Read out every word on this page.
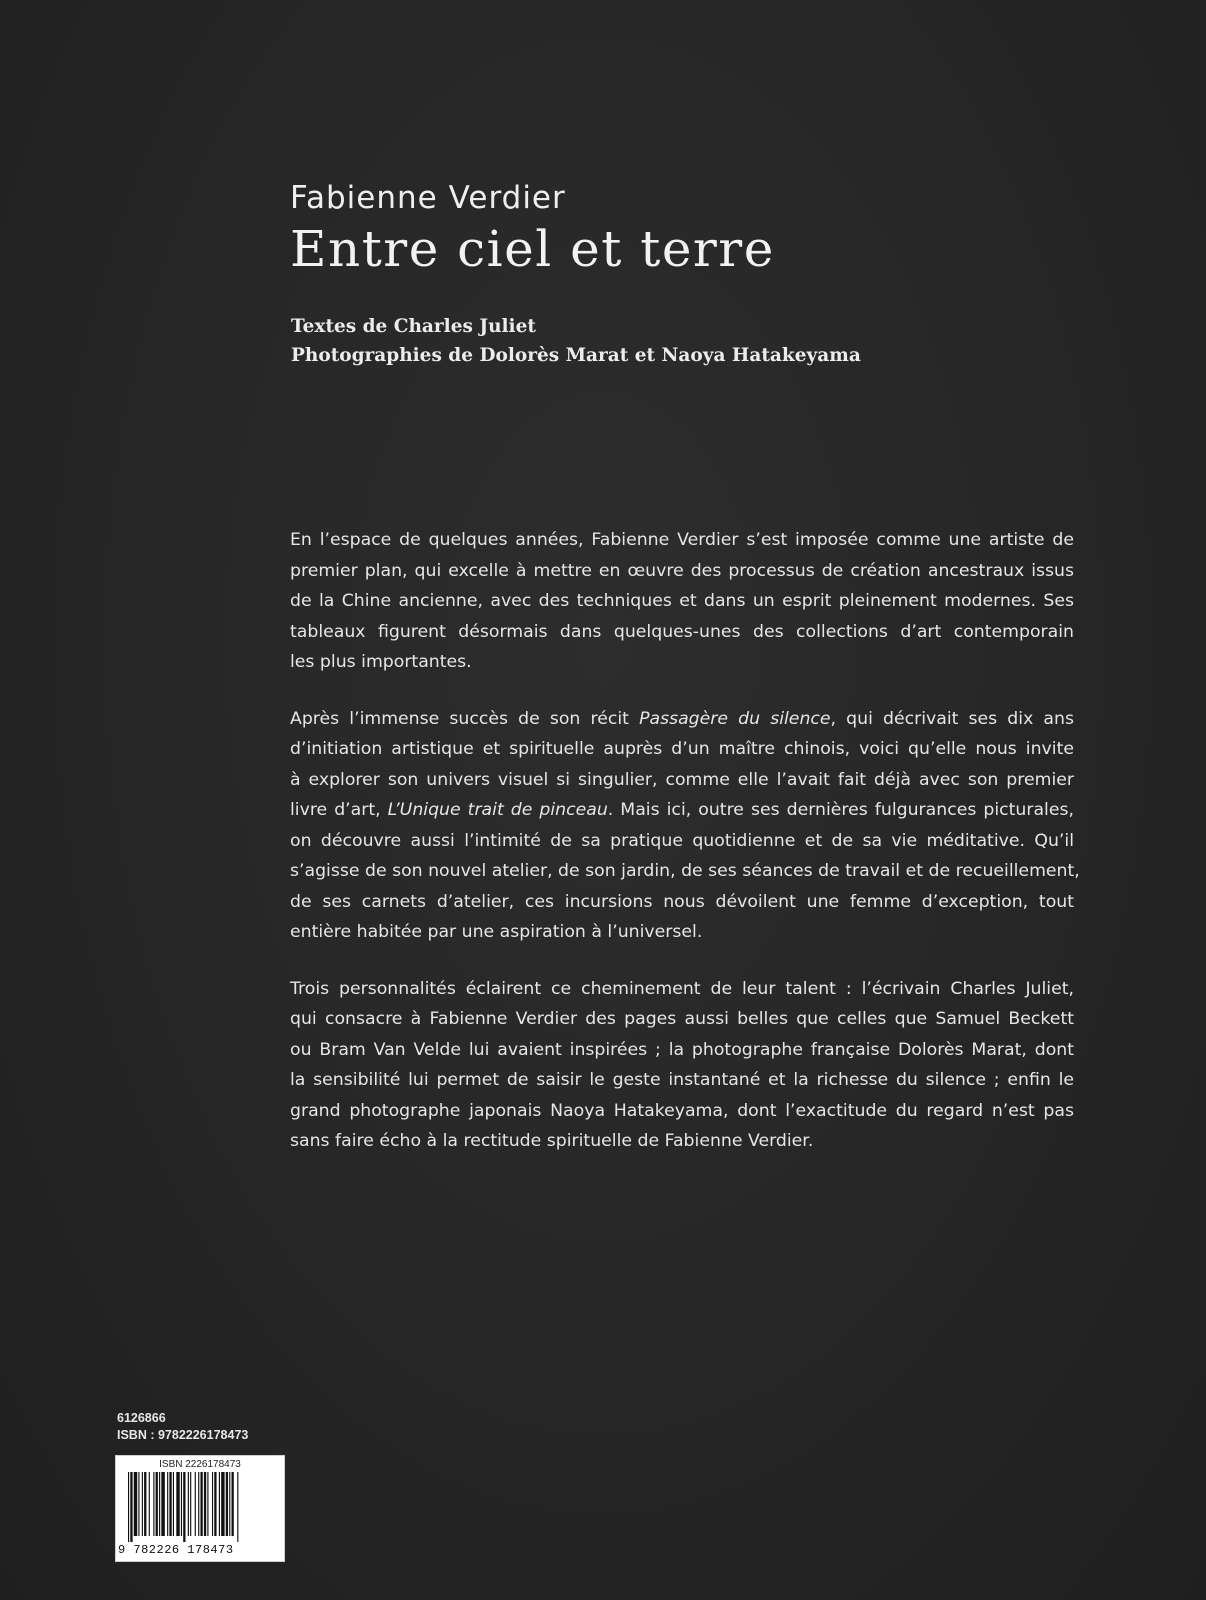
Fabienne Verdier

Entre ciel et terre

Textes de Charles Juliet

Photographies de Dolorès Marat et Naoya Hatakeyama

En l’espace de quelques années, Fabienne Verdier s’est imposée comme une artiste de
premier plan, qui excelle à mettre en œuvre des processus de création ancestraux issus
de la Chine ancienne, avec des techniques et dans un esprit pleinement modernes. Ses
tableaux figurent désormais dans quelques-unes des collections d’art contemporain
les plus importantes.

Après l’immense succès de son récit Passagère du silence, qui décrivait ses dix ans
d’initiation artistique et spirituelle auprès d’un maître chinois, voici qu’elle nous invite
à explorer son univers visuel si singulier, comme elle l’avait fait déjà avec son premier
livre d’art, L’Unique trait de pinceau. Mais ici, outre ses dernières fulgurances picturales,
on découvre aussi l’intimité de sa pratique quotidienne et de sa vie méditative. Qu’il
s’agisse de son nouvel atelier, de son jardin, de ses séances de travail et de recueillement,
de ses carnets d’atelier, ces incursions nous dévoilent une femme d’exception, tout
entière habitée par une aspiration à l’universel.

Trois personnalités éclairent ce cheminement de leur talent : l’écrivain Charles Juliet,
qui consacre à Fabienne Verdier des pages aussi belles que celles que Samuel Beckett
ou Bram Van Velde lui avaient inspirées ; la photographe française Dolorès Marat, dont
la sensibilité lui permet de saisir le geste instantané et la richesse du silence ; enfin le
grand photographe japonais Naoya Hatakeyama, dont l’exactitude du regard n’est pas
sans faire écho à la rectitude spirituelle de Fabienne Verdier.

6126866
ISBN : 9782226178473
ISBN 2226178473
9 782226 178473
